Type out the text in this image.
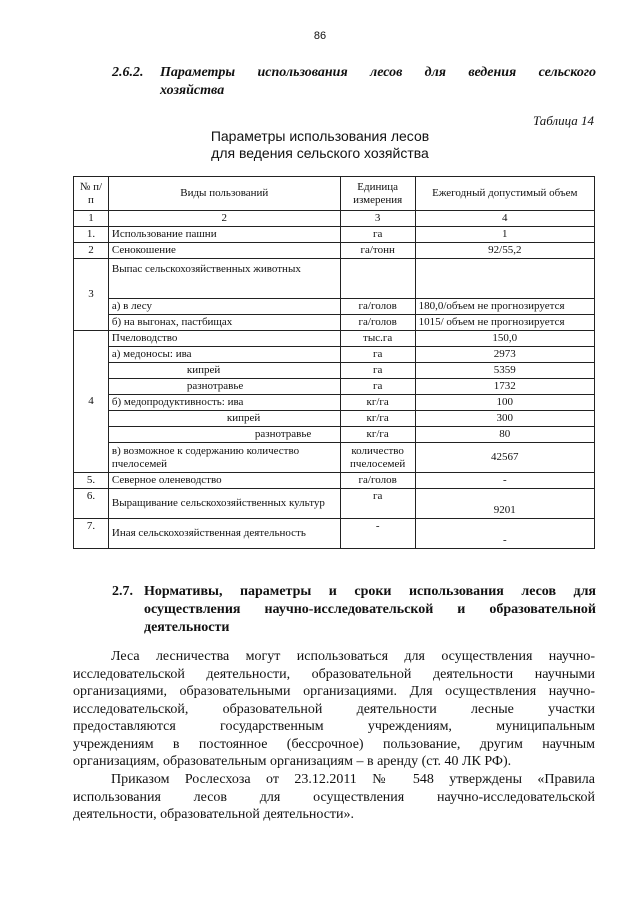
86
2.6.2. Параметры использования лесов для ведения сельского
хозяйства
Таблица 14
Параметры использования лесов
для ведения сельского хозяйства
№ п/п	Виды пользований	Единица измерения	Ежегодный допустимый объем
1	2	3	4
1.	Использование пашни	га	1
2	Сенокошение	га/тонн	92/55,2
3	Выпас сельскохозяйственных животных		
	а) в лесу	га/голов	180,0/объем не прогнозируется
	б) на выгонах, пастбищах	га/голов	1015/ объем не прогнозируется
4	Пчеловодство	тыс.га	150,0
	а) медоносы: ива	га	2973
	кипрей	га	5359
	разнотравье	га	1732
	б) медопродуктивность: ива	кг/га	100
	кипрей	кг/га	300
	разнотравье	кг/га	80
	в) возможное к содержанию количество пчелосемей	количество пчелосемей	42567
5.	Северное оленеводство	га/голов	-
6.	Выращивание сельскохозяйственных культур	га	9201
7.	Иная сельскохозяйственная деятельность	-	-
2.7. Нормативы, параметры и сроки использования лесов для
осуществления научно-исследовательской и образовательной
деятельности
Леса лесничества могут использоваться для осуществления научно-
исследовательской деятельности, образовательной деятельности научными
организациями, образовательными организациями. Для осуществления научно-
исследовательской, образовательной деятельности лесные участки
предоставляются государственным учреждениям, муниципальным
учреждениям в постоянное (бессрочное) пользование, другим научным
организациям, образовательным организациям – в аренду (ст. 40 ЛК РФ).
Приказом Рослесхоза от 23.12.2011 № 548 утверждены «Правила
использования лесов для осуществления научно-исследовательской
деятельности, образовательной деятельности».
